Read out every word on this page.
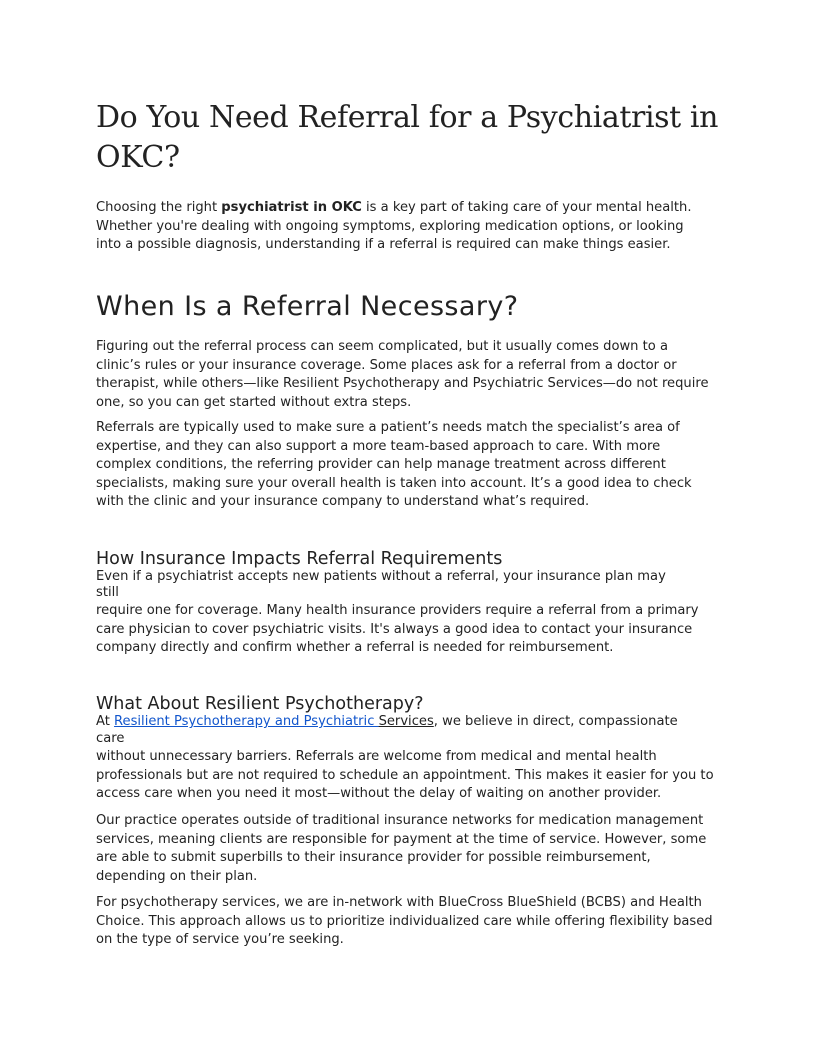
Do You Need Referral for a Psychiatrist in
OKC?
Choosing the right psychiatrist in OKC is a key part of taking care of your mental health.
Whether you're dealing with ongoing symptoms, exploring medication options, or looking
into a possible diagnosis, understanding if a referral is required can make things easier.
When Is a Referral Necessary?
Figuring out the referral process can seem complicated, but it usually comes down to a
clinic’s rules or your insurance coverage. Some places ask for a referral from a doctor or
therapist, while others—like Resilient Psychotherapy and Psychiatric Services—do not require
one, so you can get started without extra steps.
Referrals are typically used to make sure a patient’s needs match the specialist’s area of
expertise, and they can also support a more team-based approach to care. With more
complex conditions, the referring provider can help manage treatment across different
specialists, making sure your overall health is taken into account. It’s a good idea to check
with the clinic and your insurance company to understand what’s required.
How Insurance Impacts Referral Requirements
Even if a psychiatrist accepts new patients without a referral, your insurance plan may
still
require one for coverage. Many health insurance providers require a referral from a primary
care physician to cover psychiatric visits. It's always a good idea to contact your insurance
company directly and confirm whether a referral is needed for reimbursement.
What About Resilient Psychotherapy?
At Resilient Psychotherapy and Psychiatric Services, we believe in direct, compassionate
care
without unnecessary barriers. Referrals are welcome from medical and mental health
professionals but are not required to schedule an appointment. This makes it easier for you to
access care when you need it most—without the delay of waiting on another provider.
Our practice operates outside of traditional insurance networks for medication management
services, meaning clients are responsible for payment at the time of service. However, some
are able to submit superbills to their insurance provider for possible reimbursement,
depending on their plan.
For psychotherapy services, we are in-network with BlueCross BlueShield (BCBS) and Health
Choice. This approach allows us to prioritize individualized care while offering flexibility based
on the type of service you’re seeking.
